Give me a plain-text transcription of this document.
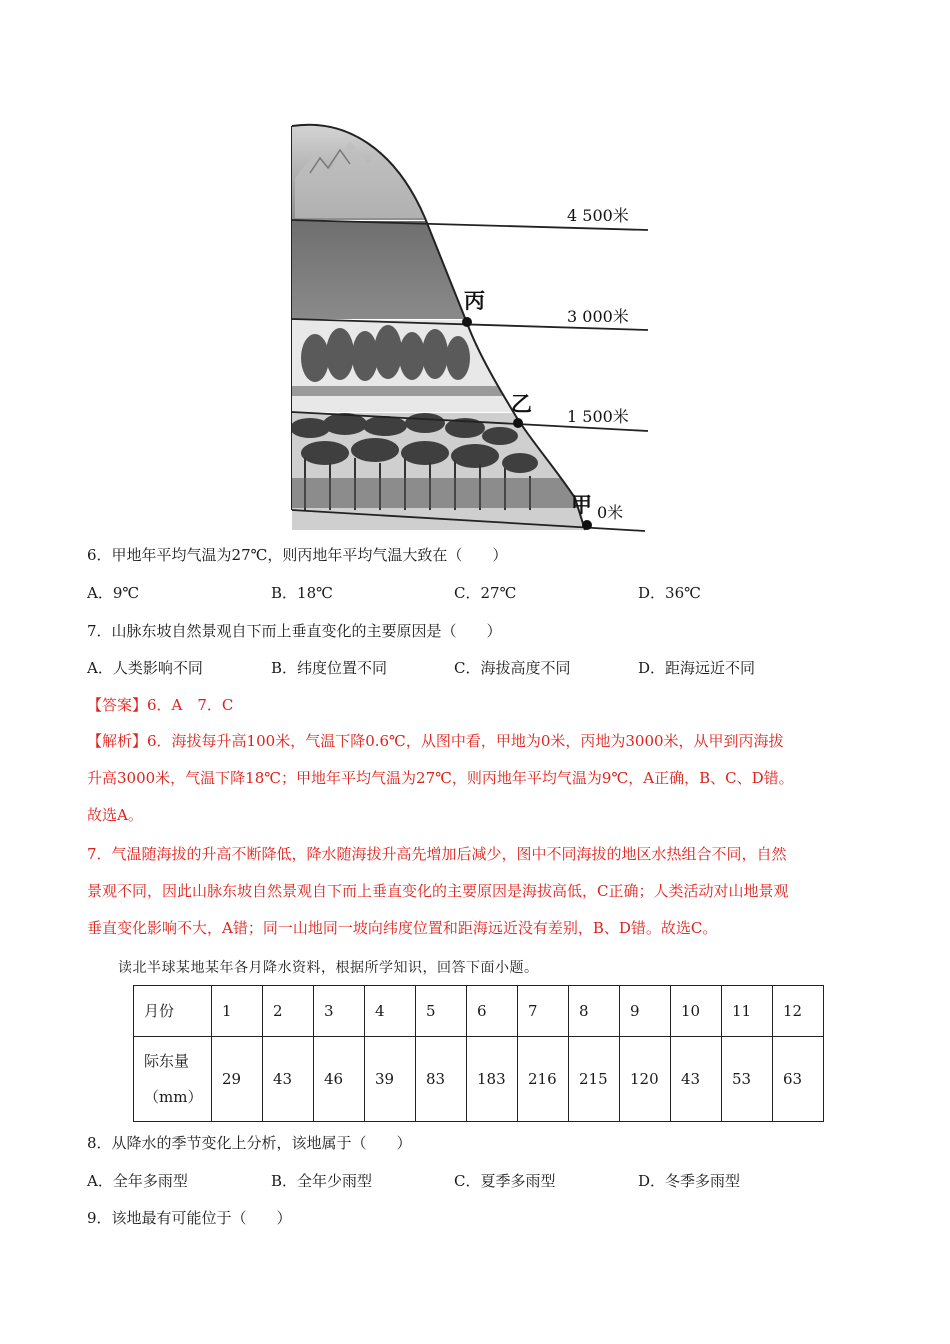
丙
乙
甲
4 500米
3 000米
1 500米
0米
6．甲地年平均气温为27℃，则丙地年平均气温大致在（　　）
A．9℃	B．18℃	C．27℃	D．36℃
7．山脉东坡自然景观自下而上垂直变化的主要原因是（　　）
A．人类影响不同	B．纬度位置不同	C．海拔高度不同	D．距海远近不同
【答案】6．A　7．C
【解析】6．海拔每升高100米，气温下降0.6℃，从图中看，甲地为0米，丙地为3000米，从甲到丙海拔
升高3000米，气温下降18℃；甲地年平均气温为27℃，则丙地年平均气温为9℃，A正确，B、C、D错。
故选A。
7．气温随海拔的升高不断降低，降水随海拔升高先增加后减少，图中不同海拔的地区水热组合不同，自然
景观不同，因此山脉东坡自然景观自下而上垂直变化的主要原因是海拔高低，C正确；人类活动对山地景观
垂直变化影响不大，A错；同一山地同一坡向纬度位置和距海远近没有差别，B、D错。故选C。
读北半球某地某年各月降水资料，根据所学知识，回答下面小题。
月份	1	2	3	4	5	6	7	8	9	10	11	12

际东量
（mm）	29	43	46	39	83	183	216	215	120	43	53	63
8．从降水的季节变化上分析，该地属于（　　）
A．全年多雨型	B．全年少雨型	C．夏季多雨型	D．冬季多雨型
9．该地最有可能位于（　　）
